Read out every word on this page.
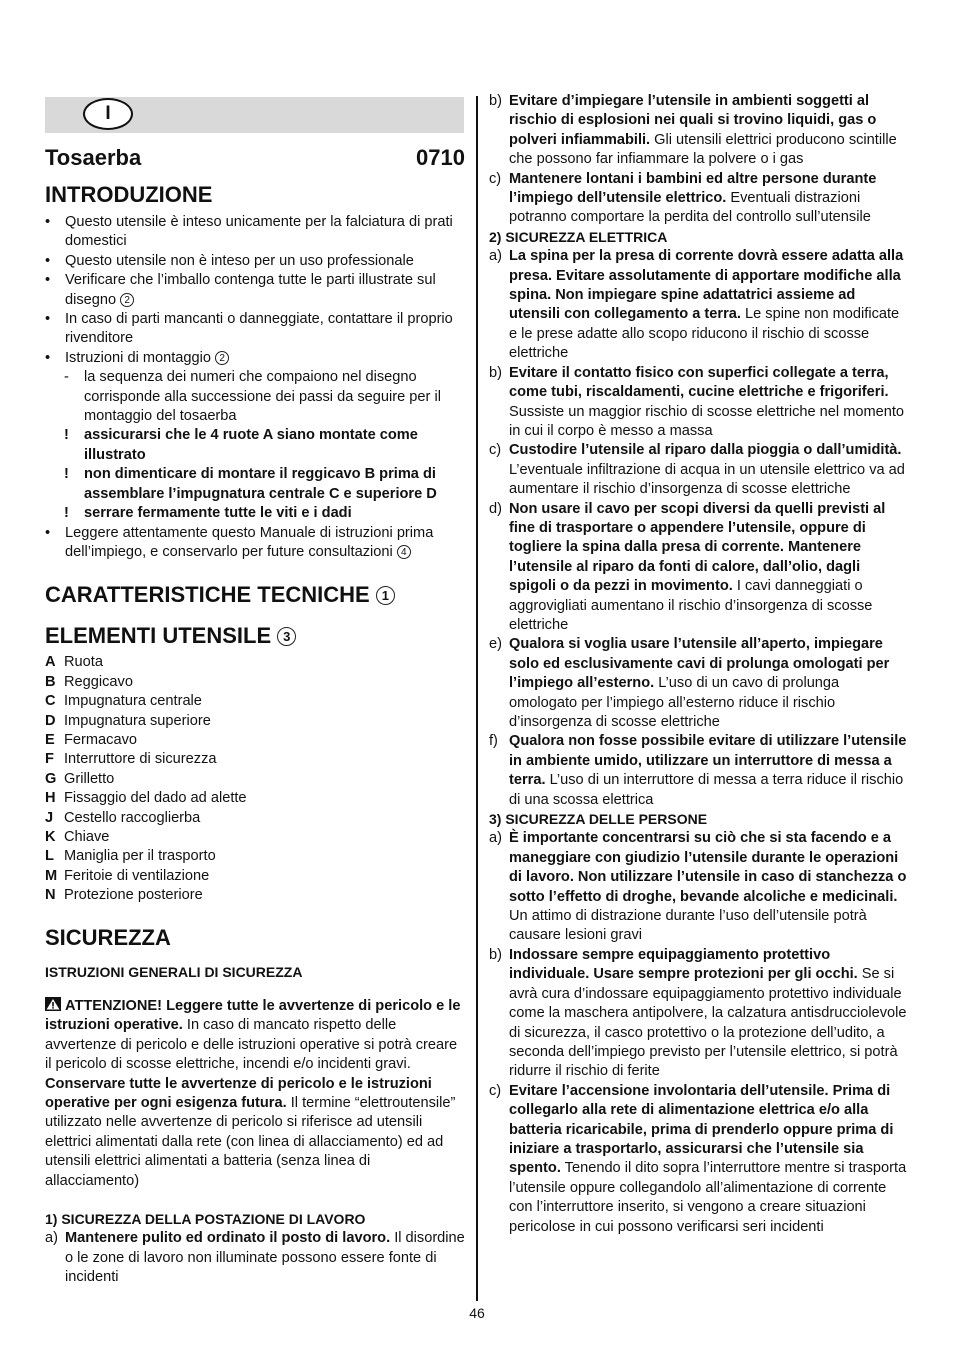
I
Tosaerba	0710
INTRODUZIONE
• Questo utensile è inteso unicamente per la falciatura di prati domestici
• Questo utensile non è inteso per un uso professionale
• Verificare che l’imballo contenga tutte le parti illustrate sul disegno 2
• In caso di parti mancanti o danneggiate, contattare il proprio rivenditore
• Istruzioni di montaggio 2
- la sequenza dei numeri che compaiono nel disegno corrisponde alla successione dei passi da seguire per il montaggio del tosaerba
! assicurarsi che le 4 ruote A siano montate come illustrato
! non dimenticare di montare il reggicavo B prima di assemblare l’impugnatura centrale C e superiore D
! serrare fermamente tutte le viti e i dadi
• Leggere attentamente questo Manuale di istruzioni prima dell’impiego, e conservarlo per future consultazioni 4
CARATTERISTICHE TECNICHE 1
ELEMENTI UTENSILE 3
A Ruota
B Reggicavo
C Impugnatura centrale
D Impugnatura superiore
E Fermacavo
F Interruttore di sicurezza
G Grilletto
H Fissaggio del dado ad alette
J Cestello raccoglierba
K Chiave
L Maniglia per il trasporto
M Feritoie di ventilazione
N Protezione posteriore
SICUREZZA
ISTRUZIONI GENERALI DI SICUREZZA
ATTENZIONE! Leggere tutte le avvertenze di pericolo e le istruzioni operative. In caso di mancato rispetto delle avvertenze di pericolo e delle istruzioni operative si potrà creare il pericolo di scosse elettriche, incendi e/o incidenti gravi. Conservare tutte le avvertenze di pericolo e le istruzioni operative per ogni esigenza futura. Il termine “elettroutensile” utilizzato nelle avvertenze di pericolo si riferisce ad utensili elettrici alimentati dalla rete (con linea di allacciamento) ed ad utensili elettrici alimentati a batteria (senza linea di allacciamento)
1) SICUREZZA DELLA POSTAZIONE DI LAVORO
a) Mantenere pulito ed ordinato il posto di lavoro. Il disordine o le zone di lavoro non illuminate possono essere fonte di incidenti
b) Evitare d’impiegare l’utensile in ambienti soggetti al rischio di esplosioni nei quali si trovino liquidi, gas o polveri infiammabili. Gli utensili elettrici producono scintille che possono far infiammare la polvere o i gas
c) Mantenere lontani i bambini ed altre persone durante l’impiego dell’utensile elettrico. Eventuali distrazioni potranno comportare la perdita del controllo sull’utensile
2) SICUREZZA ELETTRICA
a) La spina per la presa di corrente dovrà essere adatta alla presa. Evitare assolutamente di apportare modifiche alla spina. Non impiegare spine adattatrici assieme ad utensili con collegamento a terra. Le spine non modificate e le prese adatte allo scopo riducono il rischio di scosse elettriche
b) Evitare il contatto fisico con superfici collegate a terra, come tubi, riscaldamenti, cucine elettriche e frigoriferi. Sussiste un maggior rischio di scosse elettriche nel momento in cui il corpo è messo a massa
c) Custodire l’utensile al riparo dalla pioggia o dall’umidità. L’eventuale infiltrazione di acqua in un utensile elettrico va ad aumentare il rischio d’insorgenza di scosse elettriche
d) Non usare il cavo per scopi diversi da quelli previsti al fine di trasportare o appendere l’utensile, oppure di togliere la spina dalla presa di corrente. Mantenere l’utensile al riparo da fonti di calore, dall’olio, dagli spigoli o da pezzi in movimento. I cavi danneggiati o aggrovigliati aumentano il rischio d’insorgenza di scosse elettriche
e) Qualora si voglia usare l’utensile all’aperto, impiegare solo ed esclusivamente cavi di prolunga omologati per l’impiego all’esterno. L’uso di un cavo di prolunga omologato per l’impiego all’esterno riduce il rischio d’insorgenza di scosse elettriche
f) Qualora non fosse possibile evitare di utilizzare l’utensile in ambiente umido, utilizzare un interruttore di messa a terra. L’uso di un interruttore di messa a terra riduce il rischio di una scossa elettrica
3) SICUREZZA DELLE PERSONE
a) È importante concentrarsi su ciò che si sta facendo e a maneggiare con giudizio l’utensile durante le operazioni di lavoro. Non utilizzare l’utensile in caso di stanchezza o sotto l’effetto di droghe, bevande alcoliche e medicinali. Un attimo di distrazione durante l’uso dell’utensile potrà causare lesioni gravi
b) Indossare sempre equipaggiamento protettivo individuale. Usare sempre protezioni per gli occhi. Se si avrà cura d’indossare equipaggiamento protettivo individuale come la maschera antipolvere, la calzatura antisdrucciolevole di sicurezza, il casco protettivo o la protezione dell’udito, a seconda dell’impiego previsto per l’utensile elettrico, si potrà ridurre il rischio di ferite
c) Evitare l’accensione involontaria dell’utensile. Prima di collegarlo alla rete di alimentazione elettrica e/o alla batteria ricaricabile, prima di prenderlo oppure prima di iniziare a trasportarlo, assicurarsi che l’utensile sia spento. Tenendo il dito sopra l’interruttore mentre si trasporta l’utensile oppure collegandolo all’alimentazione di corrente con l’interruttore inserito, si vengono a creare situazioni pericolose in cui possono verificarsi seri incidenti
46
